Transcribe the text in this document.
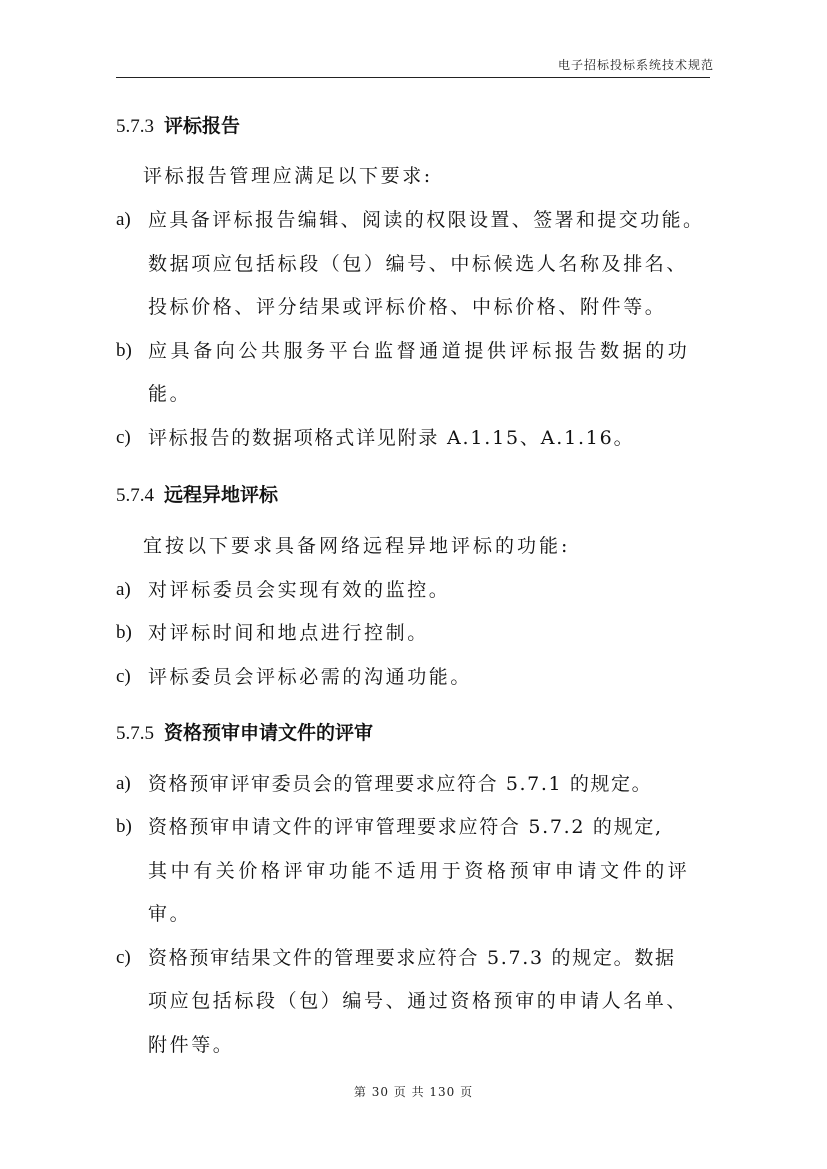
电子招标投标系统技术规范
5.7.3 评标报告
评标报告管理应满足以下要求:
a) 应具备评标报告编辑、阅读的权限设置、签署和提交功能。
数据项应包括标段（包）编号、中标候选人名称及排名、
投标价格、评分结果或评标价格、中标价格、附件等。
b) 应具备向公共服务平台监督通道提供评标报告数据的功
能。
c) 评标报告的数据项格式详见附录 A.1.15、A.1.16。
5.7.4 远程异地评标
宜按以下要求具备网络远程异地评标的功能:
a) 对评标委员会实现有效的监控。
b) 对评标时间和地点进行控制。
c) 评标委员会评标必需的沟通功能。
5.7.5 资格预审申请文件的评审
a) 资格预审评审委员会的管理要求应符合 5.7.1 的规定。
b) 资格预审申请文件的评审管理要求应符合 5.7.2 的规定,
其中有关价格评审功能不适用于资格预审申请文件的评
审。
c) 资格预审结果文件的管理要求应符合 5.7.3 的规定。数据
项应包括标段（包）编号、通过资格预审的申请人名单、
附件等。
第 30 页 共 130 页
